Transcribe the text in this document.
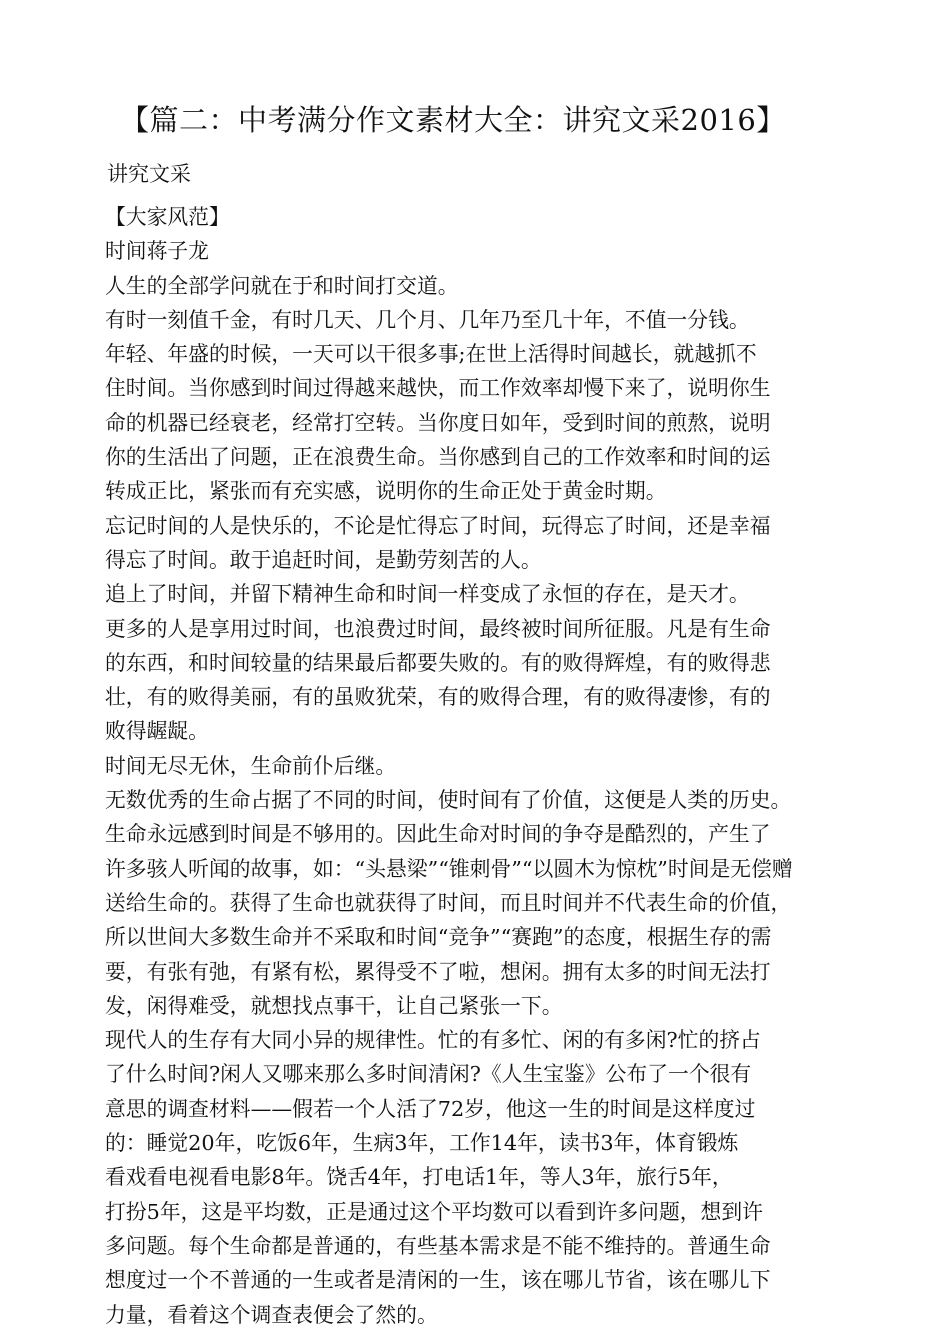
【篇二：中考满分作文素材大全：讲究文采2016】
讲究文采
【大家风范】
时间蒋子龙
人生的全部学问就在于和时间打交道。
有时一刻值千金，有时几天、几个月、几年乃至几十年，不值一分钱。
年轻、年盛的时候，一天可以干很多事;在世上活得时间越长，就越抓不
住时间。当你感到时间过得越来越快，而工作效率却慢下来了，说明你生
命的机器已经衰老，经常打空转。当你度日如年，受到时间的煎熬，说明
你的生活出了问题，正在浪费生命。当你感到自己的工作效率和时间的运
转成正比，紧张而有充实感，说明你的生命正处于黄金时期。
忘记时间的人是快乐的，不论是忙得忘了时间，玩得忘了时间，还是幸福
得忘了时间。敢于追赶时间，是勤劳刻苦的人。
追上了时间，并留下精神生命和时间一样变成了永恒的存在，是天才。
更多的人是享用过时间，也浪费过时间，最终被时间所征服。凡是有生命
的东西，和时间较量的结果最后都要失败的。有的败得辉煌，有的败得悲
壮，有的败得美丽，有的虽败犹荣，有的败得合理，有的败得凄惨，有的
败得龌龊。
时间无尽无休，生命前仆后继。
无数优秀的生命占据了不同的时间，使时间有了价值，这便是人类的历史。
生命永远感到时间是不够用的。因此生命对时间的争夺是酷烈的，产生了
许多骇人听闻的故事，如：“头悬梁”“锥刺骨”“以圆木为惊枕”时间是无偿赠
送给生命的。获得了生命也就获得了时间，而且时间并不代表生命的价值，
所以世间大多数生命并不采取和时间“竞争”“赛跑”的态度，根据生存的需
要，有张有弛，有紧有松，累得受不了啦，想闲。拥有太多的时间无法打
发，闲得难受，就想找点事干，让自己紧张一下。
现代人的生存有大同小异的规律性。忙的有多忙、闲的有多闲?忙的挤占
了什么时间?闲人又哪来那么多时间清闲?《人生宝鉴》公布了一个很有
意思的调查材料——假若一个人活了72岁，他这一生的时间是这样度过
的：睡觉20年，吃饭6年，生病3年，工作14年，读书3年，体育锻炼
看戏看电视看电影8年。饶舌4年，打电话1年，等人3年，旅行5年，
打扮5年，这是平均数，正是通过这个平均数可以看到许多问题，想到许
多问题。每个生命都是普通的，有些基本需求是不能不维持的。普通生命
想度过一个不普通的一生或者是清闲的一生，该在哪儿节省，该在哪儿下
力量，看着这个调查表便会了然的。
